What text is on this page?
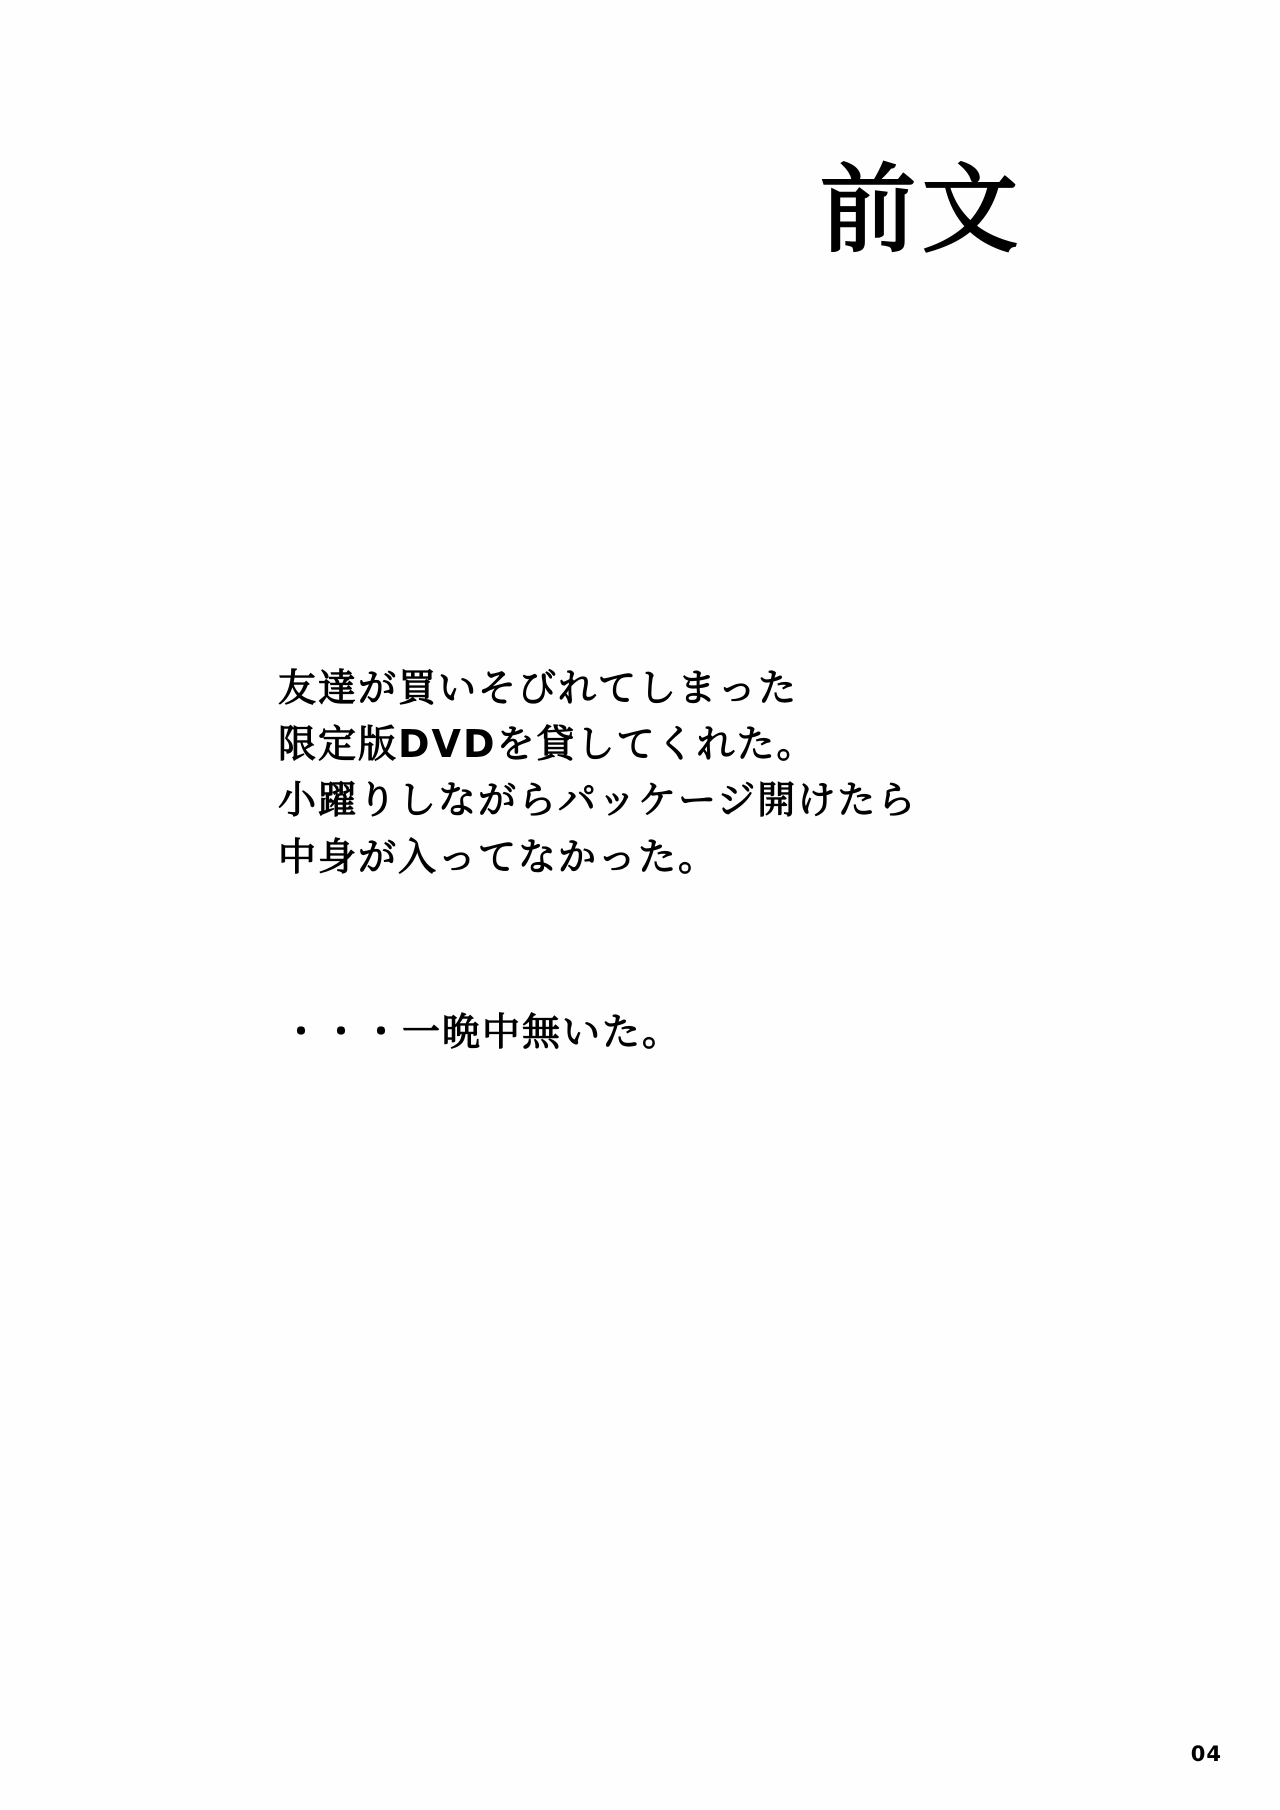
前文
友達が買いそびれてしまった
限定版DVDを貸してくれた。
小躍りしながらパッケージ開けたら
中身が入ってなかった。
・・・一晩中無いた。
04
